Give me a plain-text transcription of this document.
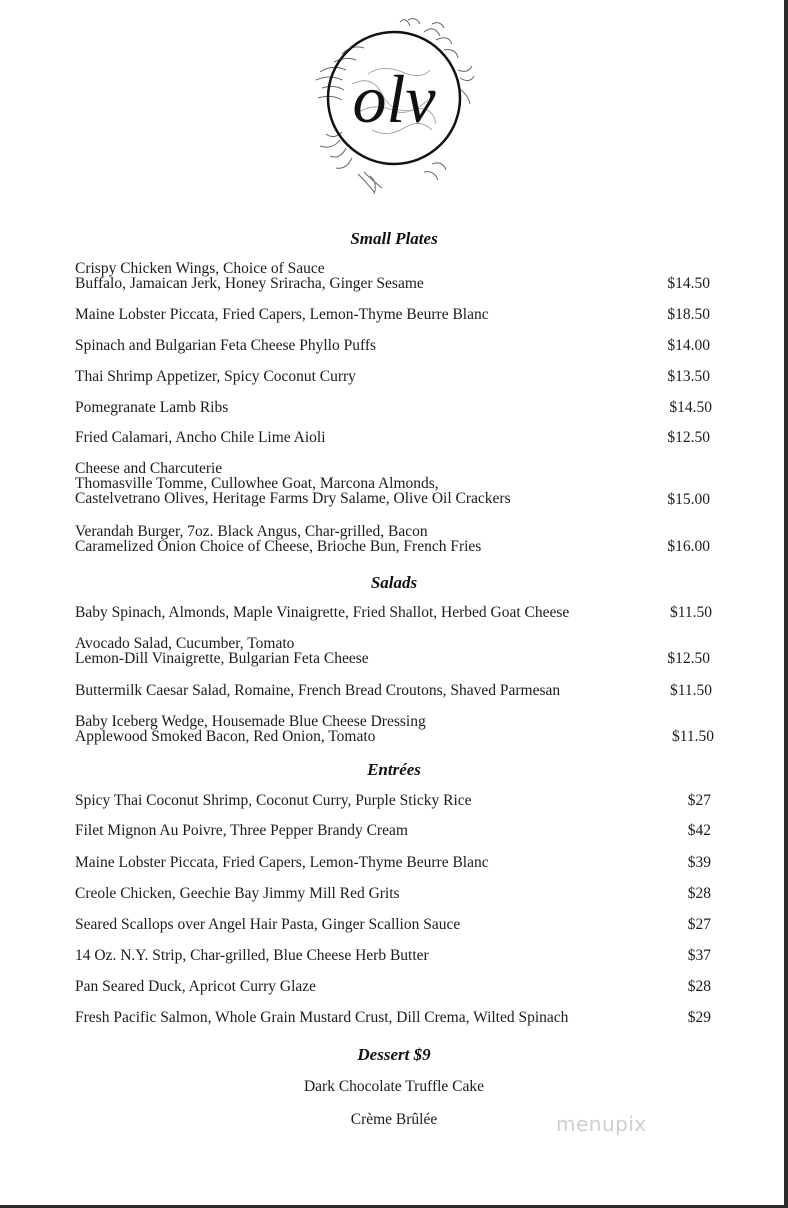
olv
Small Plates
Crispy Chicken Wings, Choice of Sauce
Buffalo, Jamaican Jerk, Honey Sriracha, Ginger Sesame	$14.50
Maine Lobster Piccata, Fried Capers, Lemon-Thyme Beurre Blanc	$18.50
Spinach and Bulgarian Feta Cheese Phyllo Puffs	$14.00
Thai Shrimp Appetizer, Spicy Coconut Curry	$13.50
Pomegranate Lamb Ribs	$14.50
Fried Calamari, Ancho Chile Lime Aioli	$12.50
Cheese and Charcuterie
Thomasville Tomme, Cullowhee Goat, Marcona Almonds,
Castelvetrano Olives, Heritage Farms Dry Salame, Olive Oil Crackers	$15.00
Verandah Burger, 7oz. Black Angus, Char-grilled, Bacon
Caramelized Onion Choice of Cheese, Brioche Bun, French Fries	$16.00
Salads
Baby Spinach, Almonds, Maple Vinaigrette, Fried Shallot, Herbed Goat Cheese	$11.50
Avocado Salad, Cucumber, Tomato
Lemon-Dill Vinaigrette, Bulgarian Feta Cheese	$12.50
Buttermilk Caesar Salad, Romaine, French Bread Croutons, Shaved Parmesan	$11.50
Baby Iceberg Wedge, Housemade Blue Cheese Dressing
Applewood Smoked Bacon, Red Onion, Tomato	$11.50
Entrées
Spicy Thai Coconut Shrimp, Coconut Curry, Purple Sticky Rice	$27
Filet Mignon Au Poivre, Three Pepper Brandy Cream	$42
Maine Lobster Piccata, Fried Capers, Lemon-Thyme Beurre Blanc	$39
Creole Chicken, Geechie Bay Jimmy Mill Red Grits	$28
Seared Scallops over Angel Hair Pasta, Ginger Scallion Sauce	$27
14 Oz. N.Y. Strip, Char-grilled, Blue Cheese Herb Butter	$37
Pan Seared Duck, Apricot Curry Glaze	$28
Fresh Pacific Salmon, Whole Grain Mustard Crust, Dill Crema, Wilted Spinach	$29
Dessert $9
Dark Chocolate Truffle Cake
Crème Brûlée	menupix
